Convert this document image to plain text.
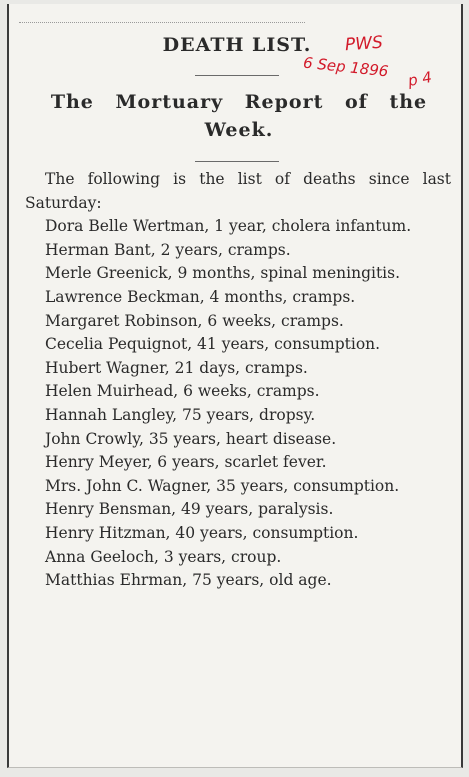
DEATH LIST.	PWS
6 Sep 1896 p 4
The Mortuary Report of the Week.

The following is the list of deaths since last Saturday:

Dora Belle Wertman, 1 year, cholera infantum.

Herman Bant, 2 years, cramps.

Merle Greenick, 9 months, spinal meningitis.

Lawrence Beckman, 4 months, cramps.

Margaret Robinson, 6 weeks, cramps.

Cecelia Pequignot, 41 years, consumption.

Hubert Wagner, 21 days, cramps.

Helen Muirhead, 6 weeks, cramps.

Hannah Langley, 75 years, dropsy.

John Crowly, 35 years, heart disease.

Henry Meyer, 6 years, scarlet fever.

Mrs. John C. Wagner, 35 years, consumption.

Henry Bensman, 49 years, paralysis.

Henry Hitzman, 40 years, consumption.

Anna Geeloch, 3 years, croup.

Matthias Ehrman, 75 years, old age.
